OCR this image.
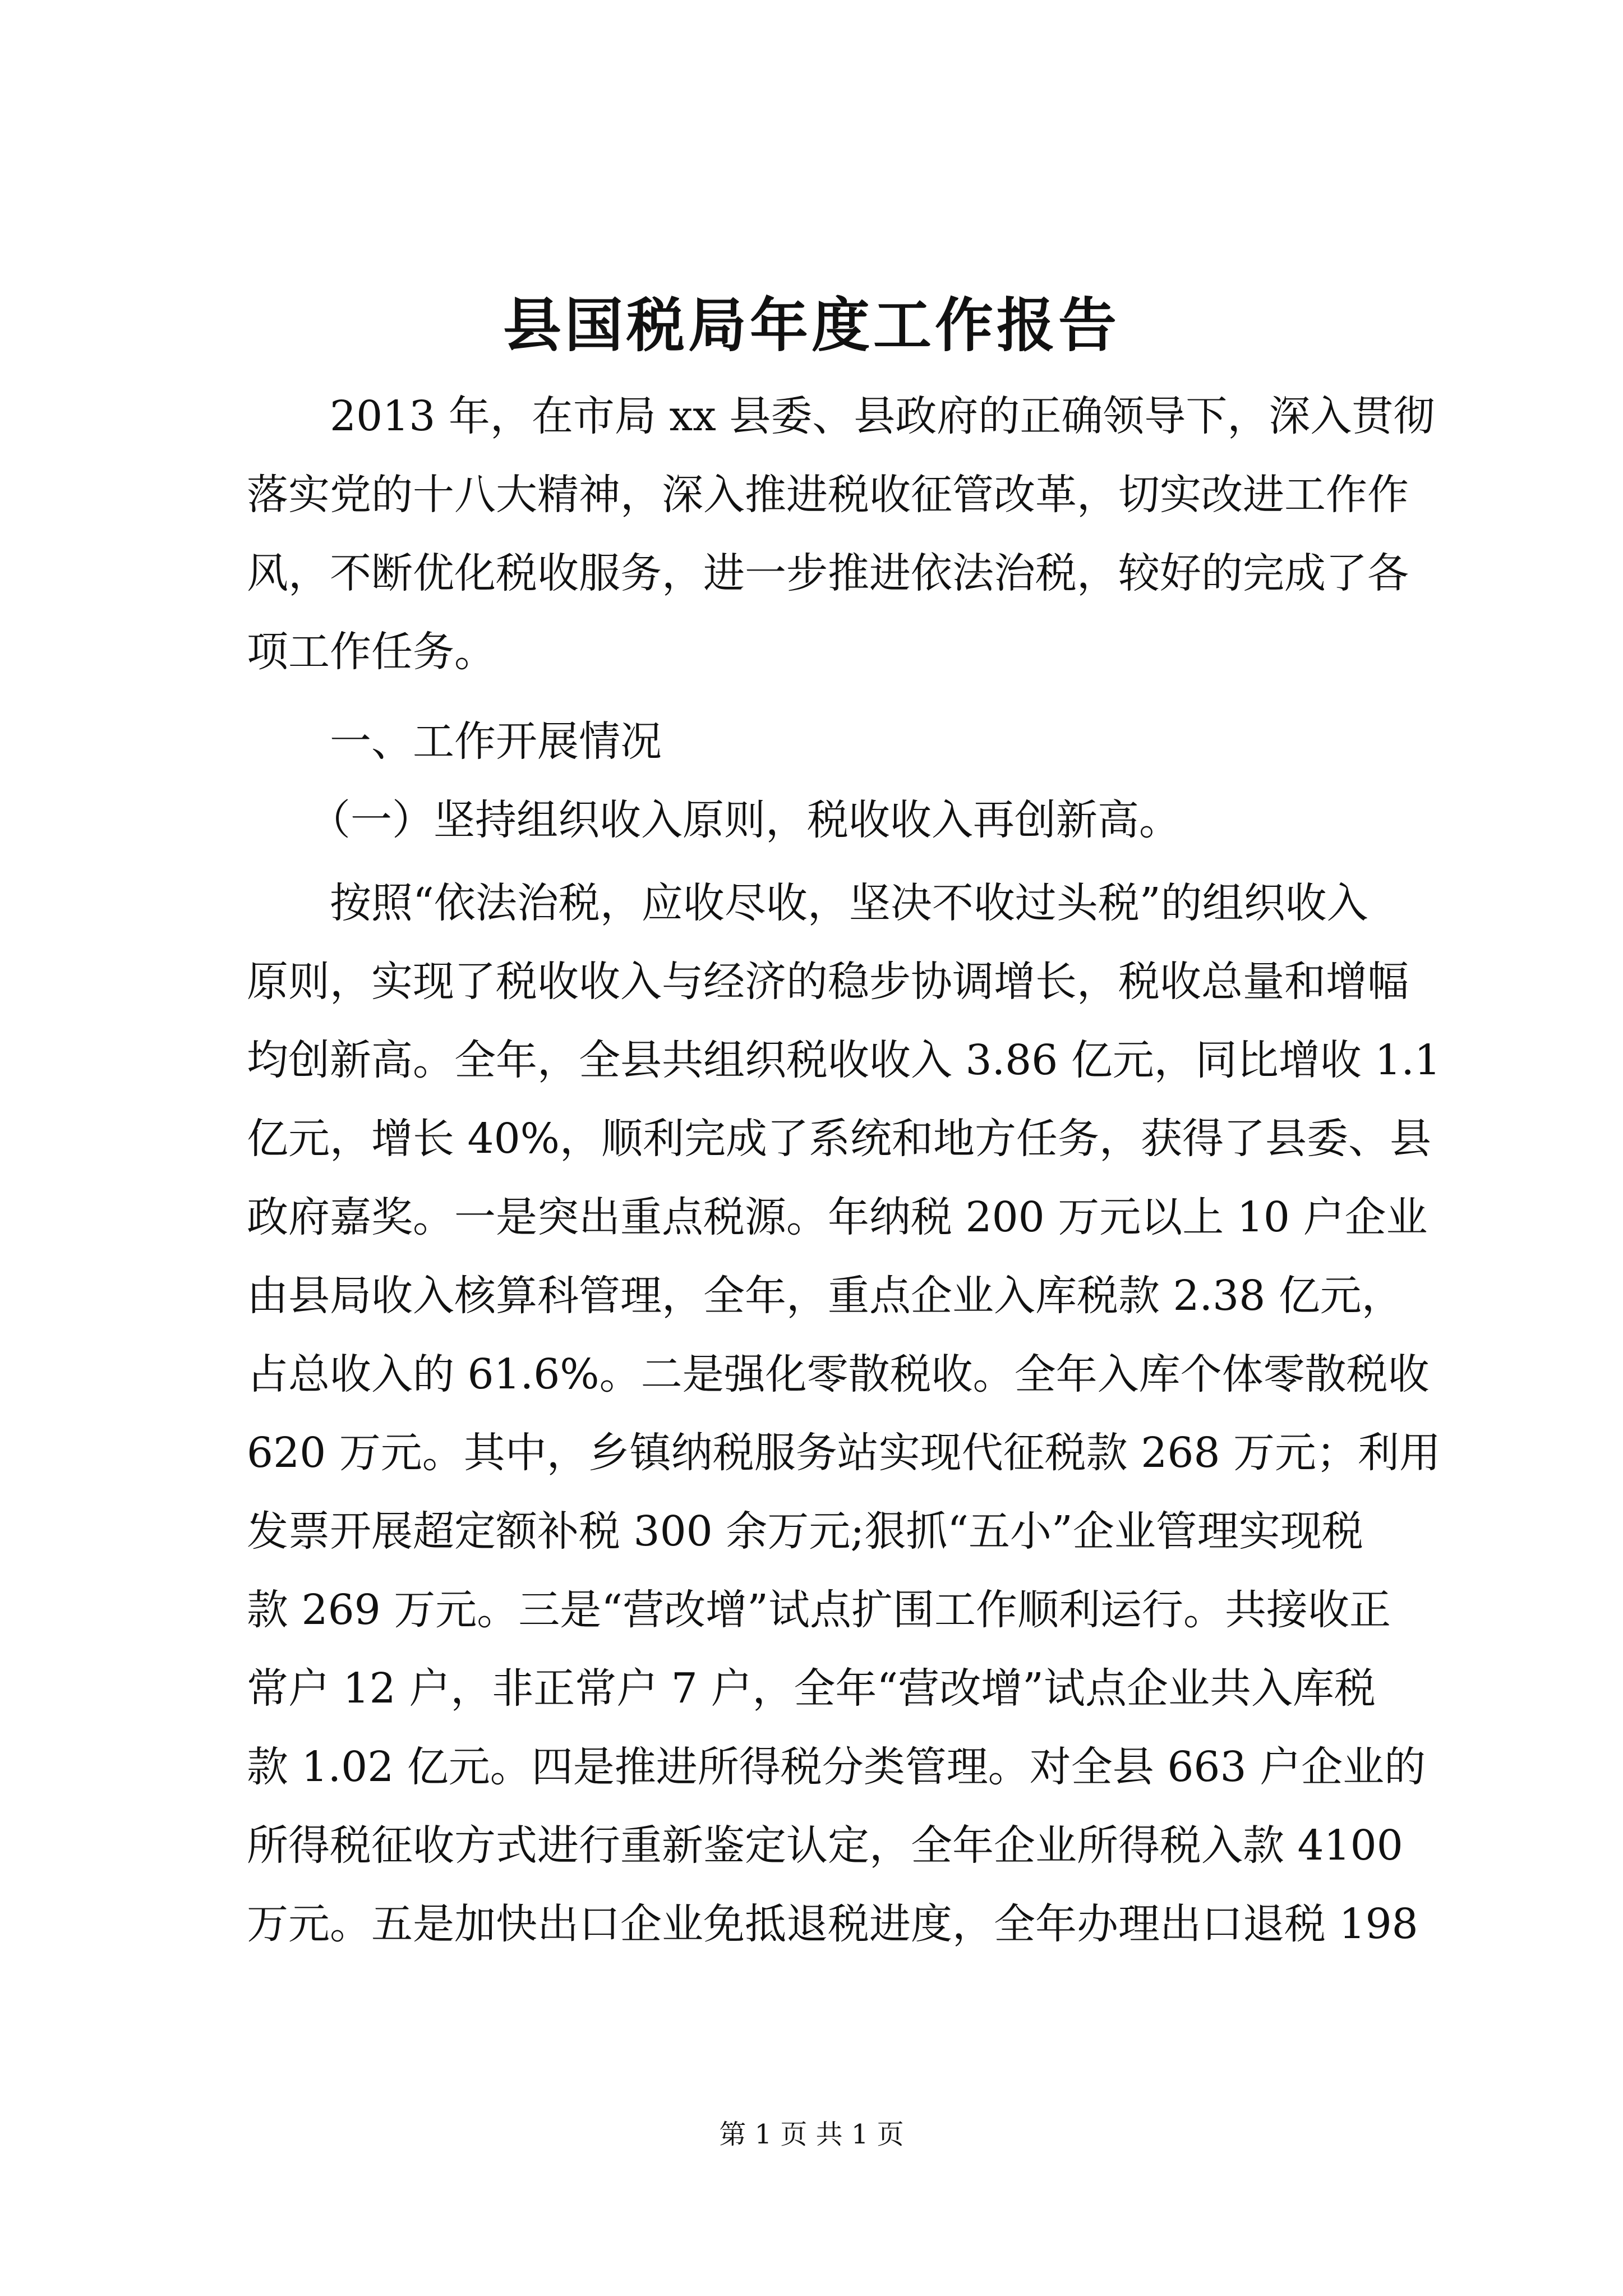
县国税局年度工作报告

　　2013 年，在市局 xx 县委、县政府的正确领导下，深入贯彻

落实党的十八大精神，深入推进税收征管改革，切实改进工作作

风，不断优化税收服务，进一步推进依法治税，较好的完成了各

项工作任务。

　　一、工作开展情况

　　（一）坚持组织收入原则，税收收入再创新高。

　　按照“依法治税，应收尽收，坚决不收过头税”的组织收入

原则，实现了税收收入与经济的稳步协调增长，税收总量和增幅

均创新高。全年，全县共组织税收收入 3.86 亿元，同比增收 1.1

亿元，增长 40%，顺利完成了系统和地方任务，获得了县委、县

政府嘉奖。一是突出重点税源。年纳税 200 万元以上 10 户企业

由县局收入核算科管理，全年，重点企业入库税款 2.38 亿元，

占总收入的 61.6%。二是强化零散税收。全年入库个体零散税收

620 万元。其中，乡镇纳税服务站实现代征税款 268 万元；利用

发票开展超定额补税 300 余万元;狠抓“五小”企业管理实现税

款 269 万元。三是“营改增”试点扩围工作顺利运行。共接收正

常户 12 户，非正常户 7 户，全年“营改增”试点企业共入库税

款 1.02 亿元。四是推进所得税分类管理。对全县 663 户企业的

所得税征收方式进行重新鉴定认定，全年企业所得税入款 4100

万元。五是加快出口企业免抵退税进度，全年办理出口退税 198

第 1 页 共 1 页
